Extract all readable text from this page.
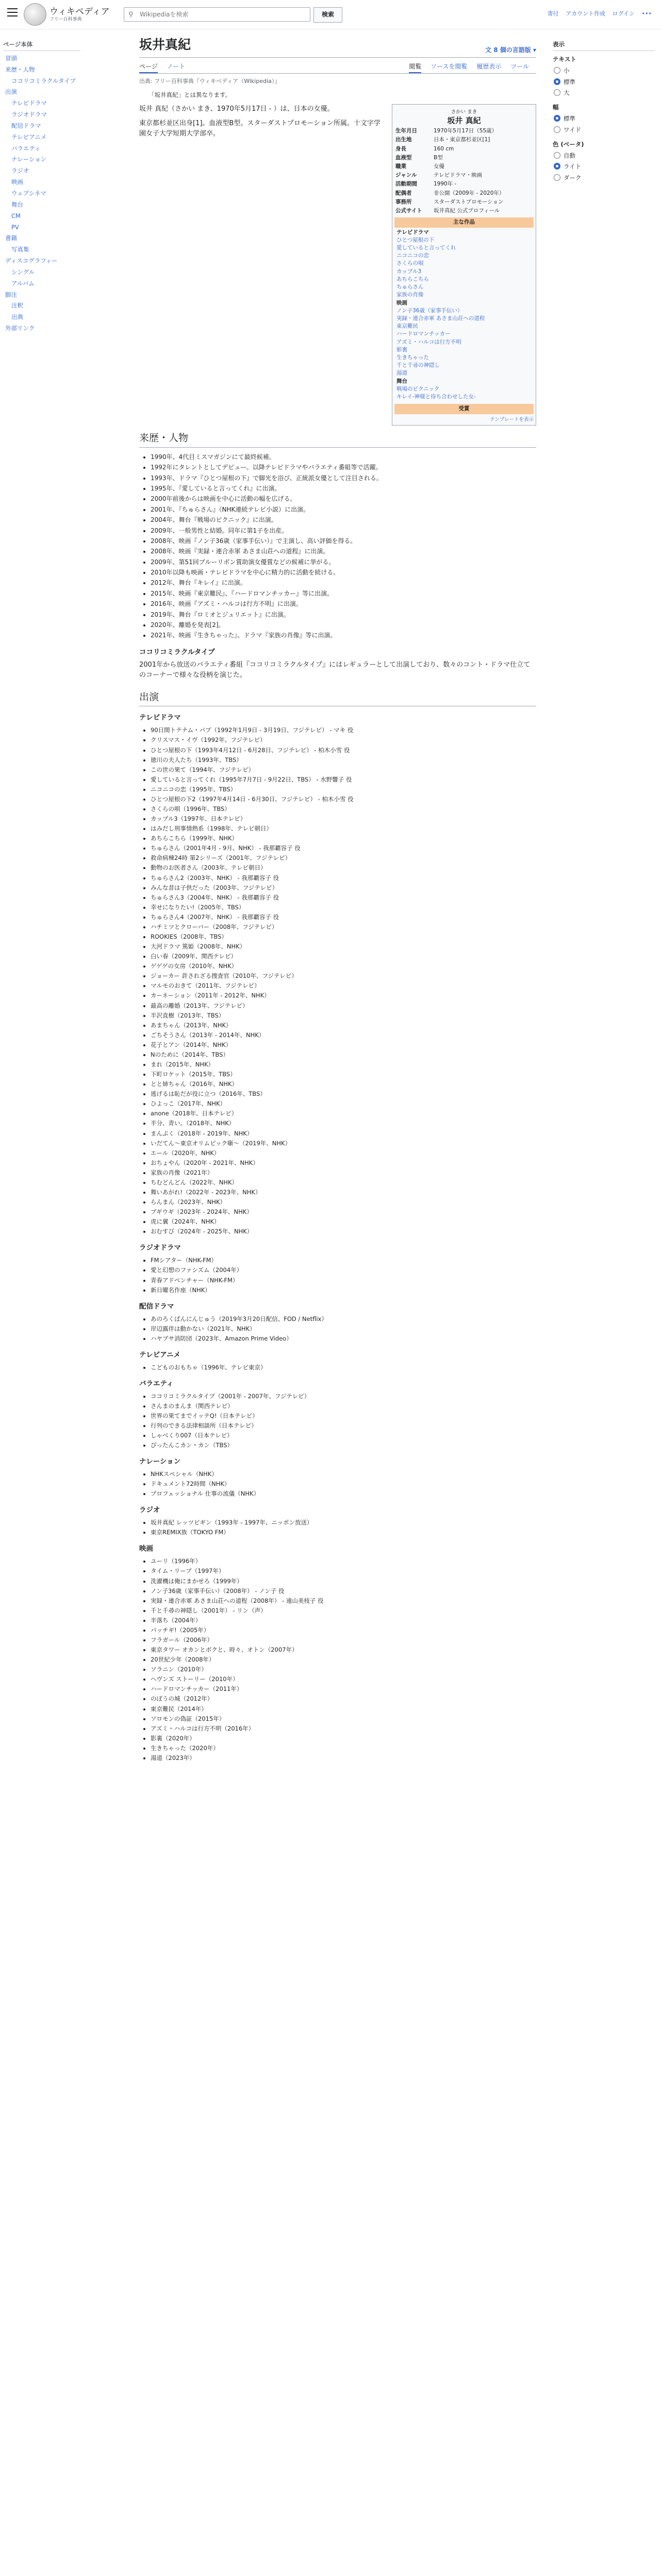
ウィキペディア
フリー百科事典
⚲
Wikipediaを検索	検索	寄付 アカウント作成 ログイン •••
ページ本体
冒頭
来歴・人物
ココリコミラクルタイプ
出演
テレビドラマ
ラジオドラマ
配信ドラマ
テレビアニメ
バラエティ
ナレーション
ラジオ
映画
ウェブシネマ
舞台
CM
PV
書籍
写真集
ディスコグラフィー
シングル
アルバム
脚注
注釈
出典
外部リンク
坂井真紀	文 8 個の言語版 ▾
ページ ノート	閲覧 ソースを閲覧 履歴表示 ツール
出典: フリー百科事典『ウィキペディア（Wikipedia）』
「坂井真紀」とは異なります。
さかい まき
坂井 真紀
生年月日	1970年5月17日（55歳）
出生地	日本・東京都杉並区[1]
身長	160 cm
血液型	B型
職業	女優
ジャンル	テレビドラマ・映画
活動期間	1990年 -
配偶者	非公開（2009年 - 2020年）
事務所	スターダストプロモーション
公式サイト	坂井真紀 公式プロフィール
主な作品
テレビドラマ
ひとつ屋根の下
愛していると言ってくれ
ニコニコの恋
さくらの唄
カップル3
あちらこちら
ちゅらさん
家族の肖像
映画
ノン子36歳（家事手伝い）
実録・連合赤軍 あさま山荘への道程
東京難民
ハードロマンチッカー
アズミ・ハルコは行方不明
影裏
生きちゃった
千と千尋の神隠し
湯道
舞台
戦場のピクニック
キレイ-神様と待ち合わせした女-
受賞
テンプレートを表示

坂井 真紀（さかい まき、1970年5月17日 - ）は、日本の女優。

東京都杉並区出身[1]。血液型B型。スターダストプロモーション所属。十文字学園女子大学短期大学部卒。

来歴・人物
• 1990年、4代目ミスマガジンにて最終候補。
• 1992年にタレントとしてデビュー。以降テレビドラマやバラエティ番組等で活躍。
• 1993年、ドラマ『ひとつ屋根の下』で脚光を浴び、正統派女優として注目される。
• 1995年、『愛していると言ってくれ』に出演。
• 2000年前後からは映画を中心に活動の幅を広げる。
• 2001年、『ちゅらさん』（NHK連続テレビ小説）に出演。
• 2004年、舞台『戦場のピクニック』に出演。
• 2009年、一般男性と結婚。同年に第1子を出産。
• 2008年、映画『ノン子36歳（家事手伝い）』で主演し、高い評価を得る。
• 2008年、映画『実録・連合赤軍 あさま山荘への道程』に出演。
• 2009年、第51回ブルーリボン賞助演女優賞などの候補に挙がる。
• 2010年以降も映画・テレビドラマを中心に精力的に活動を続ける。
• 2012年、舞台『キレイ』に出演。
• 2015年、映画『東京難民』、『ハードロマンチッカー』等に出演。
• 2016年、映画『アズミ・ハルコは行方不明』に出演。
• 2019年、舞台『ロミオとジュリエット』に出演。
• 2020年、離婚を発表[2]。
• 2021年、映画『生きちゃった』、ドラマ『家族の肖像』等に出演。
ココリコミラクルタイプ

2001年から放送のバラエティ番組『ココリコミラクルタイプ』にはレギュラーとして出演しており、数々のコント・ドラマ仕立てのコーナーで様々な役柄を演じた。

出演
テレビドラマ
• 90日間トテナム・パブ（1992年1月9日 - 3月19日、フジテレビ） - マキ 役
• クリスマス・イヴ（1992年、フジテレビ）
• ひとつ屋根の下（1993年4月12日 - 6月28日、フジテレビ） - 柏木小雪 役
• 徳川の夫人たち（1993年、TBS）
• この世の果て（1994年、フジテレビ）
• 愛していると言ってくれ（1995年7月7日 - 9月22日、TBS） - 水野響子 役
• ニコニコの恋（1995年、TBS）
• ひとつ屋根の下2（1997年4月14日 - 6月30日、フジテレビ） - 柏木小雪 役
• さくらの唄（1996年、TBS）
• カップル3（1997年、日本テレビ）
• はみだし刑事情熱系（1998年、テレビ朝日）
• あちらこちら（1999年、NHK）
• ちゅらさん（2001年4月 - 9月、NHK） - 我那覇容子 役
• 救命病棟24時 第2シリーズ（2001年、フジテレビ）
• 動物のお医者さん（2003年、テレビ朝日）
• ちゅらさん2（2003年、NHK） - 我那覇容子 役
• みんな昔は子供だった（2003年、フジテレビ）
• ちゅらさん3（2004年、NHK） - 我那覇容子 役
• 幸せになりたい!（2005年、TBS）
• ちゅらさん4（2007年、NHK） - 我那覇容子 役
• ハチミツとクローバー（2008年、フジテレビ）
• ROOKIES（2008年、TBS）
• 大河ドラマ 篤姫（2008年、NHK）
• 白い春（2009年、関西テレビ）
• ゲゲゲの女房（2010年、NHK）
• ジョーカー 許されざる捜査官（2010年、フジテレビ）
• マルモのおきて（2011年、フジテレビ）
• カーネーション（2011年 - 2012年、NHK）
• 最高の離婚（2013年、フジテレビ）
• 半沢直樹（2013年、TBS）
• あまちゃん（2013年、NHK）
• ごちそうさん（2013年 - 2014年、NHK）
• 花子とアン（2014年、NHK）
• Nのために（2014年、TBS）
• まれ（2015年、NHK）
• 下町ロケット（2015年、TBS）
• とと姉ちゃん（2016年、NHK）
• 逃げるは恥だが役に立つ（2016年、TBS）
• ひよっこ（2017年、NHK）
• anone（2018年、日本テレビ）
• 半分、青い。（2018年、NHK）
• まんぷく（2018年 - 2019年、NHK）
• いだてん〜東京オリムピック噺〜（2019年、NHK）
• エール（2020年、NHK）
• おちょやん（2020年 - 2021年、NHK）
• 家族の肖像（2021年）
• ちむどんどん（2022年、NHK）
• 舞いあがれ!（2022年 - 2023年、NHK）
• らんまん（2023年、NHK）
• ブギウギ（2023年 - 2024年、NHK）
• 虎に翼（2024年、NHK）
• おむすび（2024年 - 2025年、NHK）
ラジオドラマ
• FMシアター（NHK-FM）
• 愛と幻想のファシズム（2004年）
• 青春アドベンチャー（NHK-FM）
• 新日曜名作座（NHK）
配信ドラマ
• あのろくばんにんじゅう（2019年3月20日配信、FOD / Netflix）
• 岸辺露伴は動かない（2021年、NHK）
• ハヤブサ消防団（2023年、Amazon Prime Video）
テレビアニメ
• こどものおもちゃ（1996年、テレビ東京）
バラエティ
• ココリコミラクルタイプ（2001年 - 2007年、フジテレビ）
• さんまのまんま（関西テレビ）
• 世界の果てまでイッテQ!（日本テレビ）
• 行列のできる法律相談所（日本テレビ）
• しゃべくり007（日本テレビ）
• ぴったんこカン・カン（TBS）
ナレーション
• NHKスペシャル（NHK）
• ドキュメント72時間（NHK）
• プロフェッショナル 仕事の流儀（NHK）
ラジオ
• 坂井真紀 レッツビギン（1993年 - 1997年、ニッポン放送）
• 東京REMIX族（TOKYO FM）
映画
• ユーリ（1996年）
• タイム・リープ（1997年）
• 洗濯機は俺にまかせろ（1999年）
• ノン子36歳（家事手伝い）（2008年） - ノン子 役
• 実録・連合赤軍 あさま山荘への道程（2008年） - 遠山美枝子 役
• 千と千尋の神隠し（2001年） - リン（声）
• 半落ち（2004年）
• パッチギ!（2005年）
• フラガール（2006年）
• 東京タワー オカンとボクと、時々、オトン（2007年）
• 20世紀少年（2008年）
• ソラニン（2010年）
• ヘヴンズ ストーリー（2010年）
• ハードロマンチッカー（2011年）
• のぼうの城（2012年）
• 東京難民（2014年）
• ソロモンの偽証（2015年）
• アズミ・ハルコは行方不明（2016年）
• 影裏（2020年）
• 生きちゃった（2020年）
• 湯道（2023年）
表示
テキスト
小
標準
大
幅
標準
ワイド
色 (ベータ)
自動
ライト
ダーク
